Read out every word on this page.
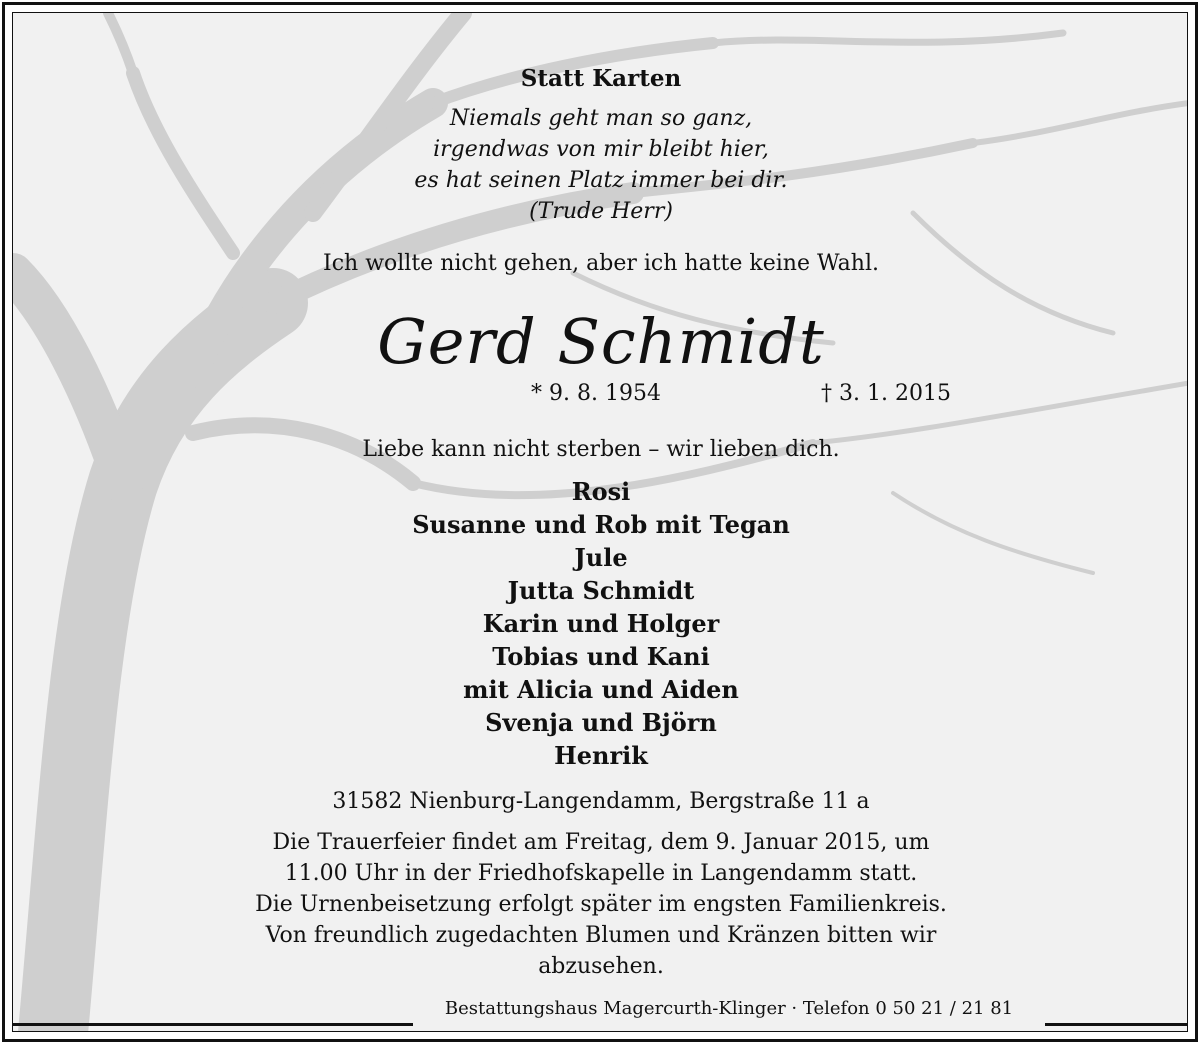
Statt Karten
Niemals geht man so ganz,
irgendwas von mir bleibt hier,
es hat seinen Platz immer bei dir.
(Trude Herr)
Ich wollte nicht gehen, aber ich hatte keine Wahl.
Gerd Schmidt
* 9. 8. 1954	† 3. 1. 2015
Liebe kann nicht sterben – wir lieben dich.
Rosi
Susanne und Rob mit Tegan
Jule
Jutta Schmidt
Karin und Holger
Tobias und Kani
mit Alicia und Aiden
Svenja und Björn
Henrik
31582 Nienburg-Langendamm, Bergstraße 11 a
Die Trauerfeier findet am Freitag, dem 9. Januar 2015, um
11.00 Uhr in der Friedhofskapelle in Langendamm statt.
Die Urnenbeisetzung erfolgt später im engsten Familienkreis.
Von freundlich zugedachten Blumen und Kränzen bitten wir
abzusehen.
Bestattungshaus Magercurth-Klinger · Telefon 0 50 21 / 21 81
